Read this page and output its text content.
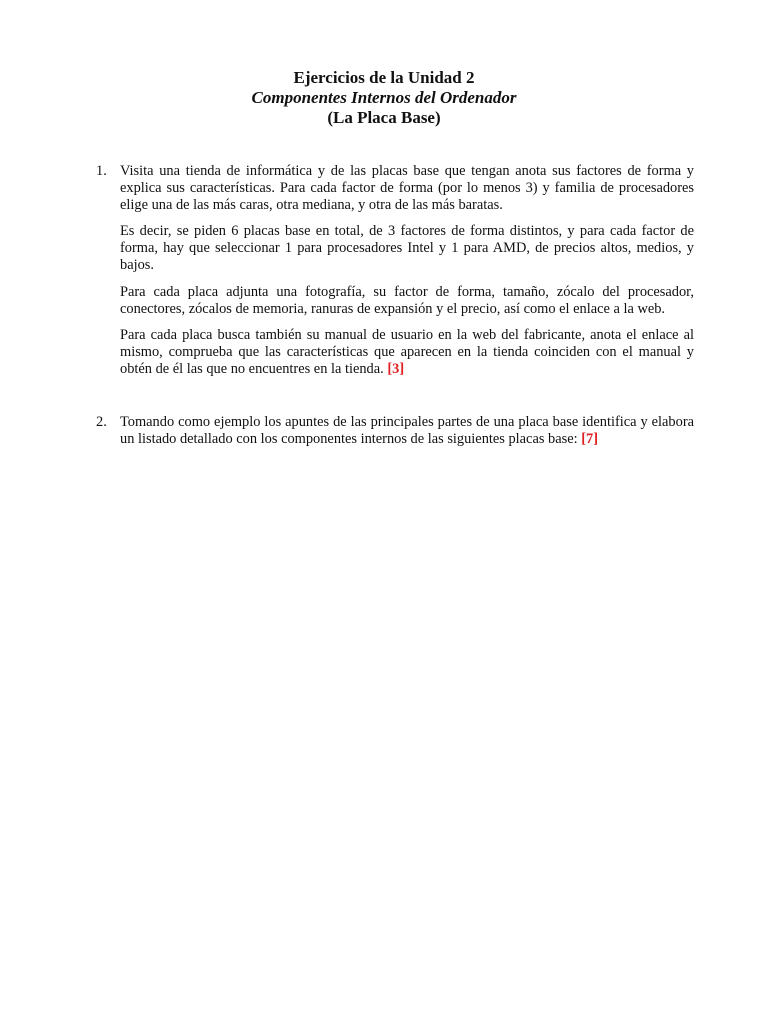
Ejercicios de la Unidad 2
Componentes Internos del Ordenador
(La Placa Base)
1. Visita una tienda de informática y de las placas base que tengan anota sus factores de forma y explica sus características. Para cada factor de forma (por lo menos 3) y familia de procesadores elige una de las más caras, otra mediana, y otra de las más baratas.

Es decir, se piden 6 placas base en total, de 3 factores de forma distintos, y para cada factor de forma, hay que seleccionar 1 para procesadores Intel y 1 para AMD, de precios altos, medios, y bajos.

Para cada placa adjunta una fotografía, su factor de forma, tamaño, zócalo del procesador, conectores, zócalos de memoria, ranuras de expansión y el precio, así como el enlace a la web.

Para cada placa busca también su manual de usuario en la web del fabricante, anota el enlace al mismo, comprueba que las características que aparecen en la tienda coinciden con el manual y obtén de él las que no encuentres en la tienda. [3]

2. Tomando como ejemplo los apuntes de las principales partes de una placa base identifica y elabora un listado detallado con los componentes internos de las siguientes placas base: [7]
